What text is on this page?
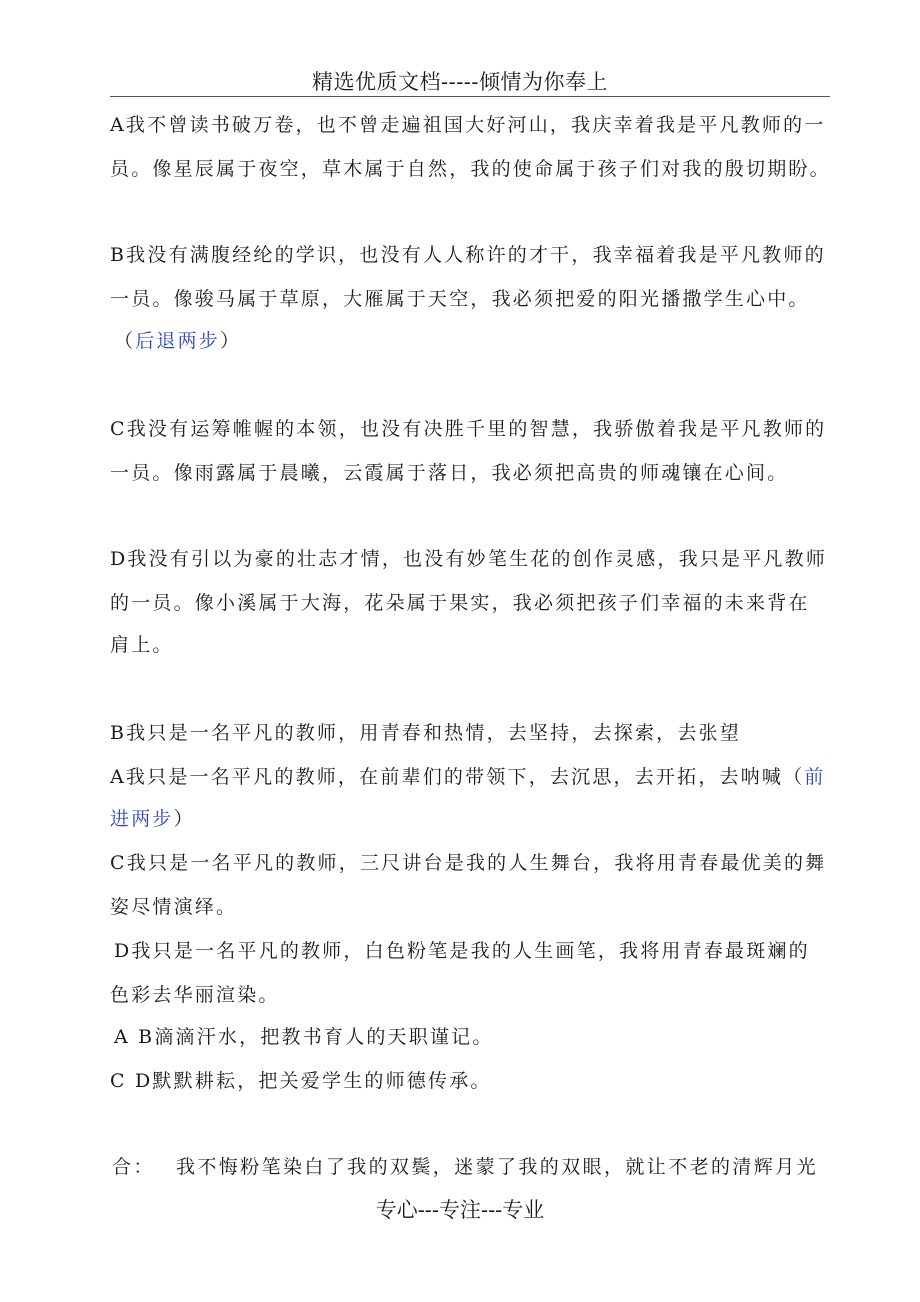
精选优质文档-----倾情为你奉上
A我不曾读书破万卷，也不曾走遍祖国大好河山，我庆幸着我是平凡教师的一
员。像星辰属于夜空，草木属于自然，我的使命属于孩子们对我的殷切期盼。
B我没有满腹经纶的学识，也没有人人称许的才干，我幸福着我是平凡教师的
一员。像骏马属于草原，大雁属于天空，我必须把爱的阳光播撒学生心中。
（后退两步）
C我没有运筹帷幄的本领，也没有决胜千里的智慧，我骄傲着我是平凡教师的
一员。像雨露属于晨曦，云霞属于落日，我必须把高贵的师魂镶在心间。
D我没有引以为豪的壮志才情，也没有妙笔生花的创作灵感，我只是平凡教师
的一员。像小溪属于大海，花朵属于果实，我必须把孩子们幸福的未来背在
肩上。
B我只是一名平凡的教师，用青春和热情，去坚持，去探索，去张望
A我只是一名平凡的教师，在前辈们的带领下，去沉思，去开拓，去呐喊（前
进两步）
C我只是一名平凡的教师，三尺讲台是我的人生舞台，我将用青春最优美的舞
姿尽情演绎。
D我只是一名平凡的教师，白色粉笔是我的人生画笔，我将用青春最斑斓的
色彩去华丽渲染。
A B滴滴汗水，把教书育人的天职谨记。
C D默默耕耘，把关爱学生的师德传承。
合： 我不悔粉笔染白了我的双鬓，迷蒙了我的双眼，就让不老的清辉月光
专心---专注---专业
